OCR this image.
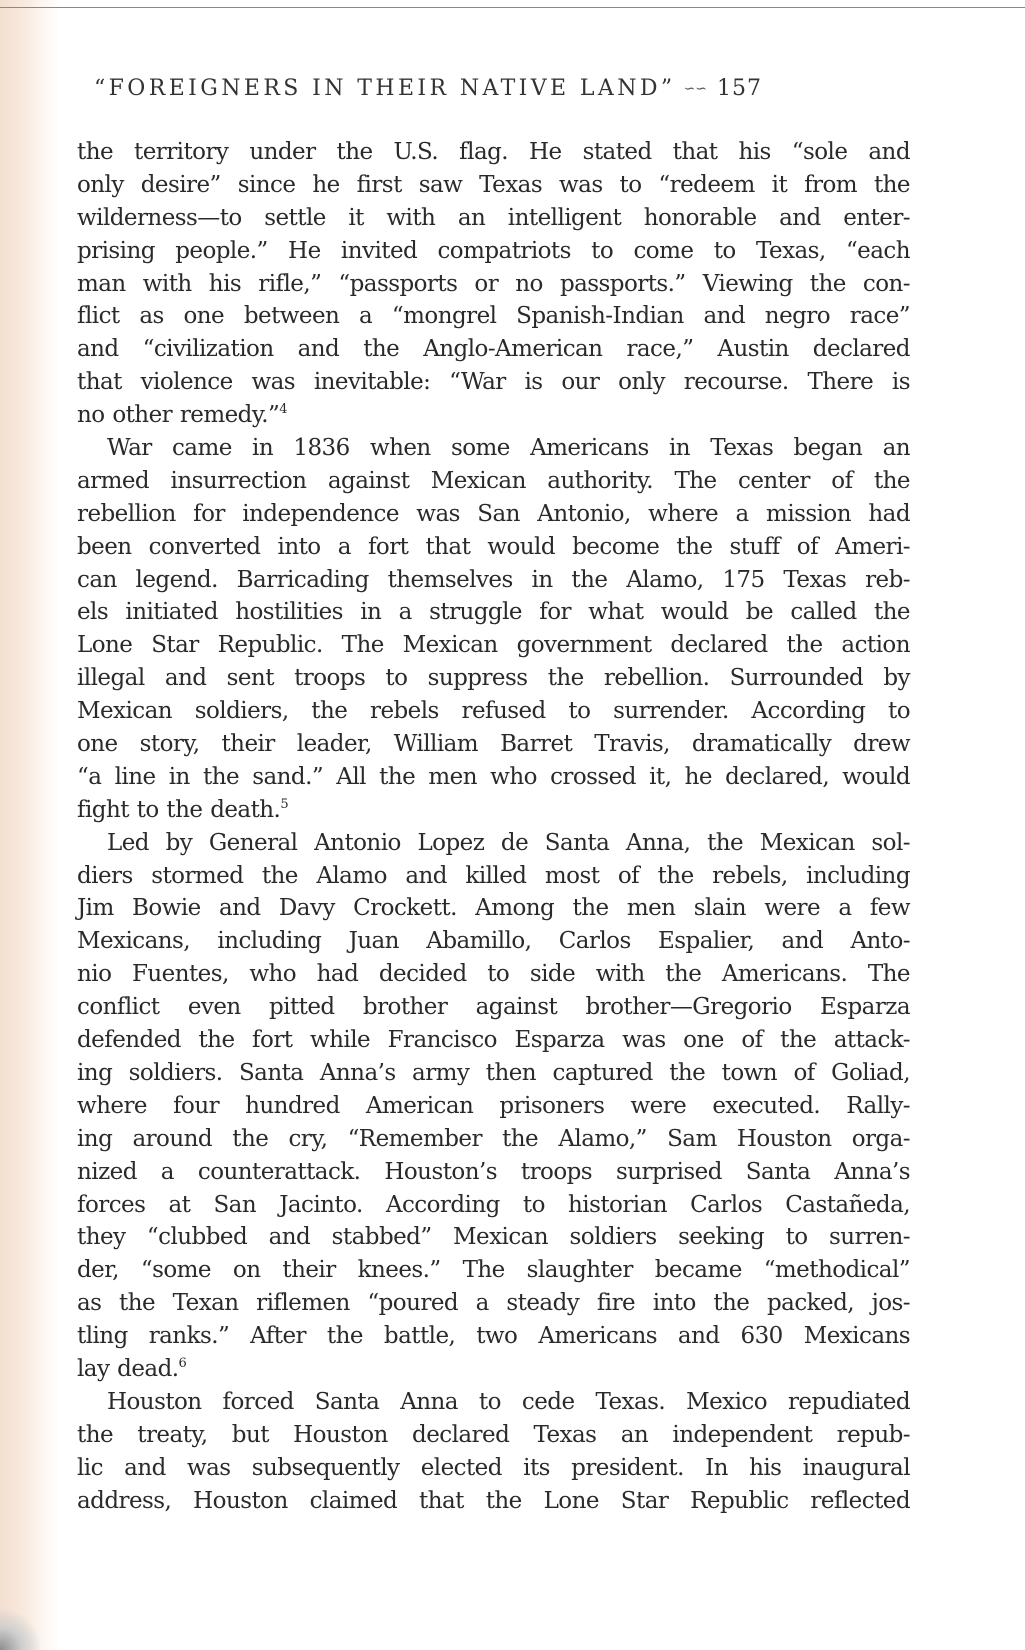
“FOREIGNERS IN THEIR NATIVE LAND” ∽∽ 157
the territory under the U.S. flag. He stated that his “sole and
only desire” since he first saw Texas was to “redeem it from the
wilderness—to settle it with an intelligent honorable and enter-
prising people.” He invited compatriots to come to Texas, “each
man with his rifle,” “passports or no passports.” Viewing the con-
flict as one between a “mongrel Spanish-Indian and negro race”
and “civilization and the Anglo-American race,” Austin declared
that violence was inevitable: “War is our only recourse. There is
no other remedy.”$^4$
War came in 1836 when some Americans in Texas began an
armed insurrection against Mexican authority. The center of the
rebellion for independence was San Antonio, where a mission had
been converted into a fort that would become the stuff of Ameri-
can legend. Barricading themselves in the Alamo, 175 Texas reb-
els initiated hostilities in a struggle for what would be called the
Lone Star Republic. The Mexican government declared the action
illegal and sent troops to suppress the rebellion. Surrounded by
Mexican soldiers, the rebels refused to surrender. According to
one story, their leader, William Barret Travis, dramatically drew
“a line in the sand.” All the men who crossed it, he declared, would
fight to the death.$^5$
Led by General Antonio Lopez de Santa Anna, the Mexican sol-
diers stormed the Alamo and killed most of the rebels, including
Jim Bowie and Davy Crockett. Among the men slain were a few
Mexicans, including Juan Abamillo, Carlos Espalier, and Anto-
nio Fuentes, who had decided to side with the Americans. The
conflict even pitted brother against brother—Gregorio Esparza
defended the fort while Francisco Esparza was one of the attack-
ing soldiers. Santa Anna’s army then captured the town of Goliad,
where four hundred American prisoners were executed. Rally-
ing around the cry, “Remember the Alamo,” Sam Houston orga-
nized a counterattack. Houston’s troops surprised Santa Anna’s
forces at San Jacinto. According to historian Carlos Castañeda,
they “clubbed and stabbed” Mexican soldiers seeking to surren-
der, “some on their knees.” The slaughter became “methodical”
as the Texan riflemen “poured a steady fire into the packed, jos-
tling ranks.” After the battle, two Americans and 630 Mexicans
lay dead.$^6$
Houston forced Santa Anna to cede Texas. Mexico repudiated
the treaty, but Houston declared Texas an independent repub-
lic and was subsequently elected its president. In his inaugural
address, Houston claimed that the Lone Star Republic reflected
